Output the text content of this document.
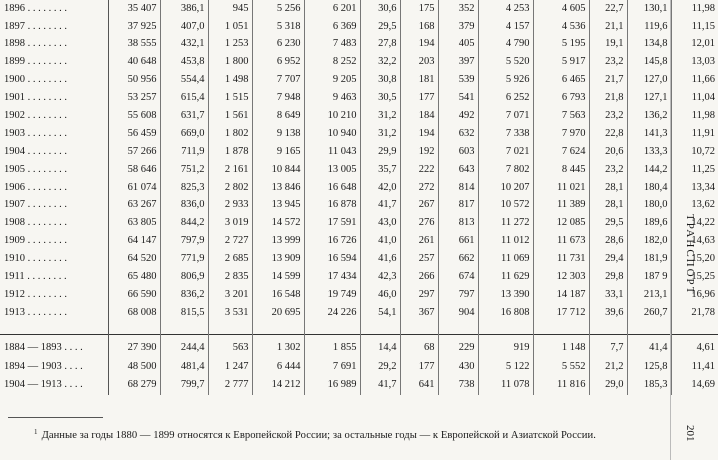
1896 . . . . . . . .	35 407	386,1	945	5 256	6 201	30,6	175	352	4 253	4 605	22,7	130,1	11,98
1897 . . . . . . . .	37 925	407,0	1 051	5 318	6 369	29,5	168	379	4 157	4 536	21,1	119,6	11,15
1898 . . . . . . . .	38 555	432,1	1 253	6 230	7 483	27,8	194	405	4 790	5 195	19,1	134,8	12,01
1899 . . . . . . . .	40 648	453,8	1 800	6 952	8 252	32,2	203	397	5 520	5 917	23,2	145,8	13,03
1900 . . . . . . . .	50 956	554,4	1 498	7 707	9 205	30,8	181	539	5 926	6 465	21,7	127,0	11,66
1901 . . . . . . . .	53 257	615,4	1 515	7 948	9 463	30,5	177	541	6 252	6 793	21,8	127,1	11,04
1902 . . . . . . . .	55 608	631,7	1 561	8 649	10 210	31,2	184	492	7 071	7 563	23,2	136,2	11,98
1903 . . . . . . . .	56 459	669,0	1 802	9 138	10 940	31,2	194	632	7 338	7 970	22,8	141,3	11,91
1904 . . . . . . . .	57 266	711,9	1 878	9 165	11 043	29,9	192	603	7 021	7 624	20,6	133,3	10,72
1905 . . . . . . . .	58 646	751,2	2 161	10 844	13 005	35,7	222	643	7 802	8 445	23,2	144,2	11,25
1906 . . . . . . . .	61 074	825,3	2 802	13 846	16 648	42,0	272	814	10 207	11 021	28,1	180,4	13,34
1907 . . . . . . . .	63 267	836,0	2 933	13 945	16 878	41,7	267	817	10 572	11 389	28,1	180,0	13,62
1908 . . . . . . . .	63 805	844,2	3 019	14 572	17 591	43,0	276	813	11 272	12 085	29,5	189,6	14,22
1909 . . . . . . . .	64 147	797,9	2 727	13 999	16 726	41,0	261	661	11 012	11 673	28,6	182,0	14,63
1910 . . . . . . . .	64 520	771,9	2 685	13 909	16 594	41,6	257	662	11 069	11 731	29,4	181,9	15,20
1911 . . . . . . . .	65 480	806,9	2 835	14 599	17 434	42,3	266	674	11 629	12 303	29,8	187 9	15,25
1912 . . . . . . . .	66 590	836,2	3 201	16 548	19 749	46,0	297	797	13 390	14 187	33,1	213,1	16,96
1913 . . . . . . . .	68 008	815,5	3 531	20 695	24 226	54,1	367	904	16 808	17 712	39,6	260,7	21,78

1884 — 1893 . . . .	27 390	244,4	563	1 302	1 855	14,4	68	229	919	1 148	7,7	41,4	4,61
1894 — 1903 . . . .	48 500	481,4	1 247	6 444	7 691	29,2	177	430	5 122	5 552	21,2	125,8	11,41
1904 — 1913 . . . .	68 279	799,7	2 777	14 212	16 989	41,7	641	738	11 078	11 816	29,0	185,3	14,69
ТРАНСПОРТ
201
$^1$ Данные за годы 1880 — 1899 относятся к Европейской России; за остальные годы — к Европейской и Азиатской России.
